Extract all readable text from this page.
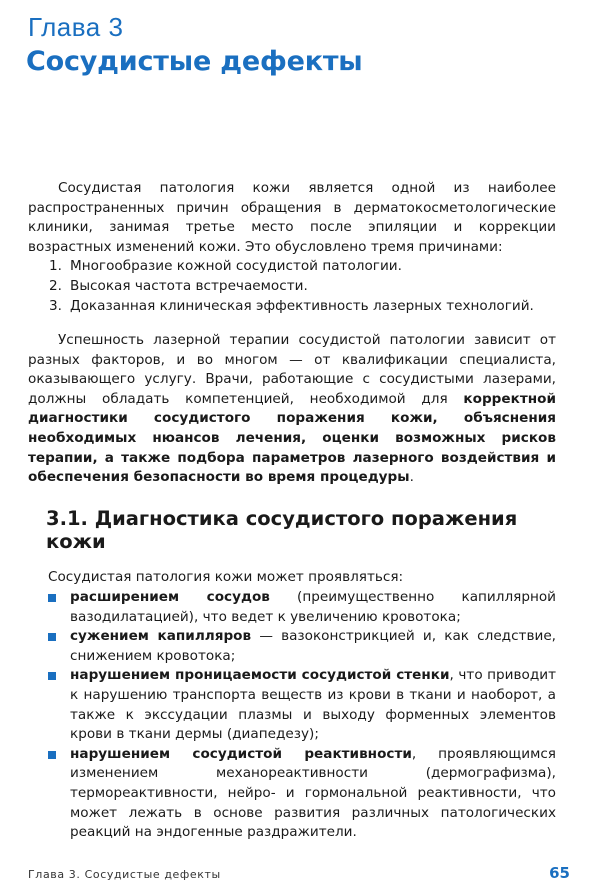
Глава 3
Сосудистые дефекты

Сосудистая патология кожи является одной из наиболее распространенных причин обращения в дерматокосметологические клиники, занимая третье место после эпиляции и коррекции возрастных изменений кожи. Это обусловлено тремя причинами:

1. Многообразие кожной сосудистой патологии.
2. Высокая частота встречаемости.
3. Доказанная клиническая эффективность лазерных технологий.

Успешность лазерной терапии сосудистой патологии зависит от разных факторов, и во многом — от квалификации специалиста, оказывающего услугу. Врачи, работающие с сосудистыми лазерами, должны обладать компетенцией, необходимой для корректной диагностики сосудистого поражения кожи, объяснения необходимых нюансов лечения, оценки возможных рисков терапии, а также подбора параметров лазерного воздействия и обеспечения безопасности во время процедуры.

3.1. Диагностика сосудистого поражения кожи

Сосудистая патология кожи может проявляться:

расширением сосудов (преимущественно капиллярной вазодилатацией), что ведет к увеличению кровотока;
сужением капилляров — вазоконстрикцией и, как следствие, снижением кровотока;
нарушением проницаемости сосудистой стенки, что приводит к нарушению транспорта веществ из крови в ткани и наоборот, а также к экссудации плазмы и выходу форменных элементов крови в ткани дермы (диапедезу);
нарушением сосудистой реактивности, проявляющимся изменением механореактивности (дермографизма), термореактивности, нейро- и гормональной реактивности, что может лежать в основе развития различных патологических реакций на эндогенные раздражители.
Глава 3. Сосудистые дефекты	65
